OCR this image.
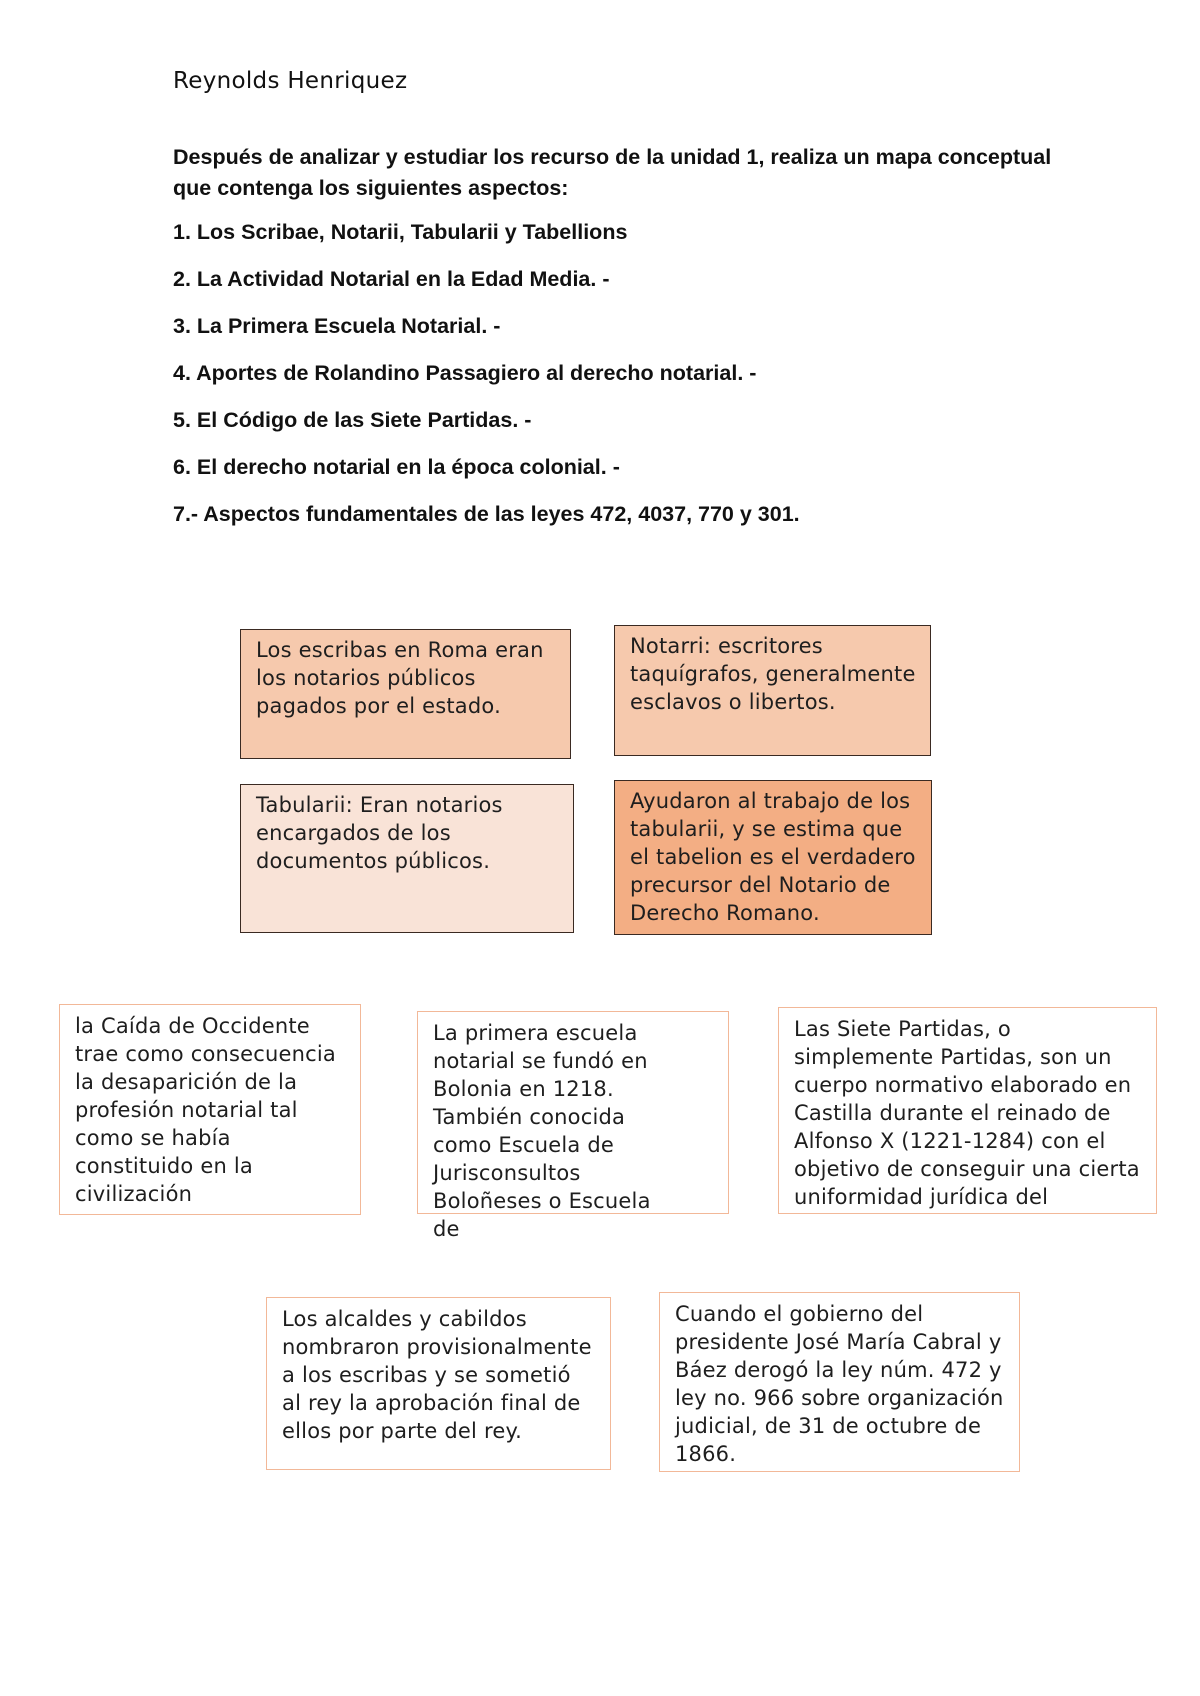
Reynolds Henriquez
Después de analizar y estudiar los recurso de la unidad 1, realiza un mapa conceptual que contenga los siguientes aspectos:
1. Los Scribae, Notarii, Tabularii y Tabellions
2. La Actividad Notarial en la Edad Media. -
3. La Primera Escuela Notarial. -
4. Aportes de Rolandino Passagiero al derecho notarial. -
5. El Código de las Siete Partidas. -
6. El derecho notarial en la época colonial. -
7.- Aspectos fundamentales de las leyes 472, 4037, 770 y 301.
Los escribas en Roma eran los notarios públicos pagados por el estado.
Notarri: escritores taquígrafos, generalmente esclavos o libertos.
Tabularii: Eran notarios encargados de los documentos públicos.
Ayudaron al trabajo de los tabularii, y se estima que el tabelion es el verdadero precursor del Notario de Derecho Romano.
la Caída de Occidente trae como consecuencia la desaparición de la profesión notarial tal como se había constituido en la civilización
La primera escuela notarial se fundó en Bolonia en 1218. También conocida como Escuela de Jurisconsultos Boloñeses o Escuela de
Las Siete Partidas, o simplemente Partidas, son un cuerpo normativo elaborado en Castilla durante el reinado de Alfonso X (1221-1284) con el objetivo de conseguir una cierta uniformidad jurídica del
Los alcaldes y cabildos nombraron provisionalmente a los escribas y se sometió al rey la aprobación final de ellos por parte del rey.
Cuando el gobierno del presidente José María Cabral y Báez derogó la ley núm. 472 y ley no. 966 sobre organización judicial, de 31 de octubre de 1866.
